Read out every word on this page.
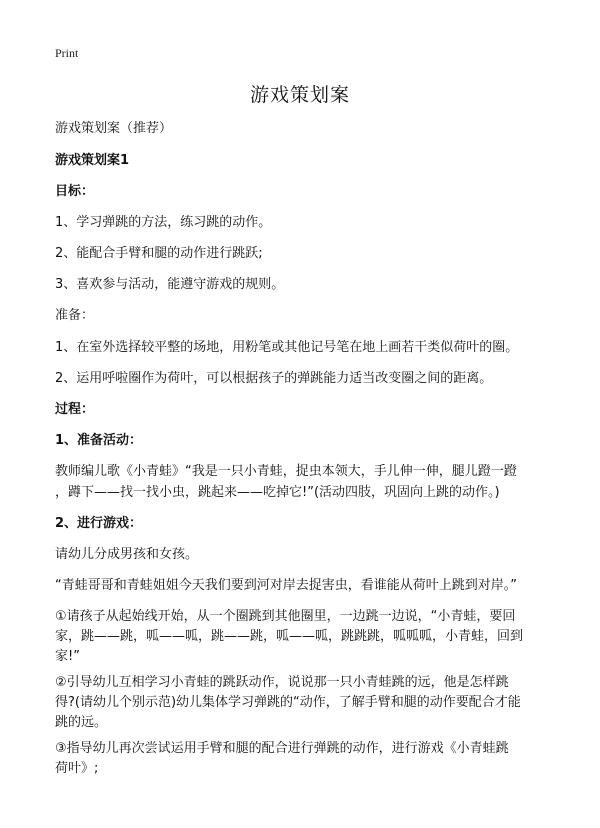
Print
游戏策划案

游戏策划案（推荐）

游戏策划案1

目标：

1、学习弹跳的方法，练习跳的动作。

2、能配合手臂和腿的动作进行跳跃;

3、喜欢参与活动，能遵守游戏的规则。

准备：

1、在室外选择较平整的场地，用粉笔或其他记号笔在地上画若干类似荷叶的圈。

2、运用呼啦圈作为荷叶，可以根据孩子的弹跳能力适当改变圈之间的距离。

过程：

1、准备活动：

教师编儿歌《小青蛙》“我是一只小青蛙，捉虫本领大，手儿伸一伸，腿儿蹬一蹬

，蹲下——找一找小虫，跳起来——吃掉它!”(活动四肢，巩固向上跳的动作。)

2、进行游戏：

请幼儿分成男孩和女孩。

“青蛙哥哥和青蛙姐姐今天我们要到河对岸去捉害虫，看谁能从荷叶上跳到对岸。”

①请孩子从起始线开始，从一个圈跳到其他圈里，一边跳一边说，“小青蛙，要回

家，跳——跳，呱——呱，跳——跳，呱——呱，跳跳跳，呱呱呱，小青蛙，回到

家!”

②引导幼儿互相学习小青蛙的跳跃动作，说说那一只小青蛙跳的远，他是怎样跳

得?(请幼儿个别示范)幼儿集体学习弹跳的“动作，了解手臂和腿的动作要配合才能

跳的远。

③指导幼儿再次尝试运用手臂和腿的配合进行弹跳的动作，进行游戏《小青蛙跳

荷叶》;
